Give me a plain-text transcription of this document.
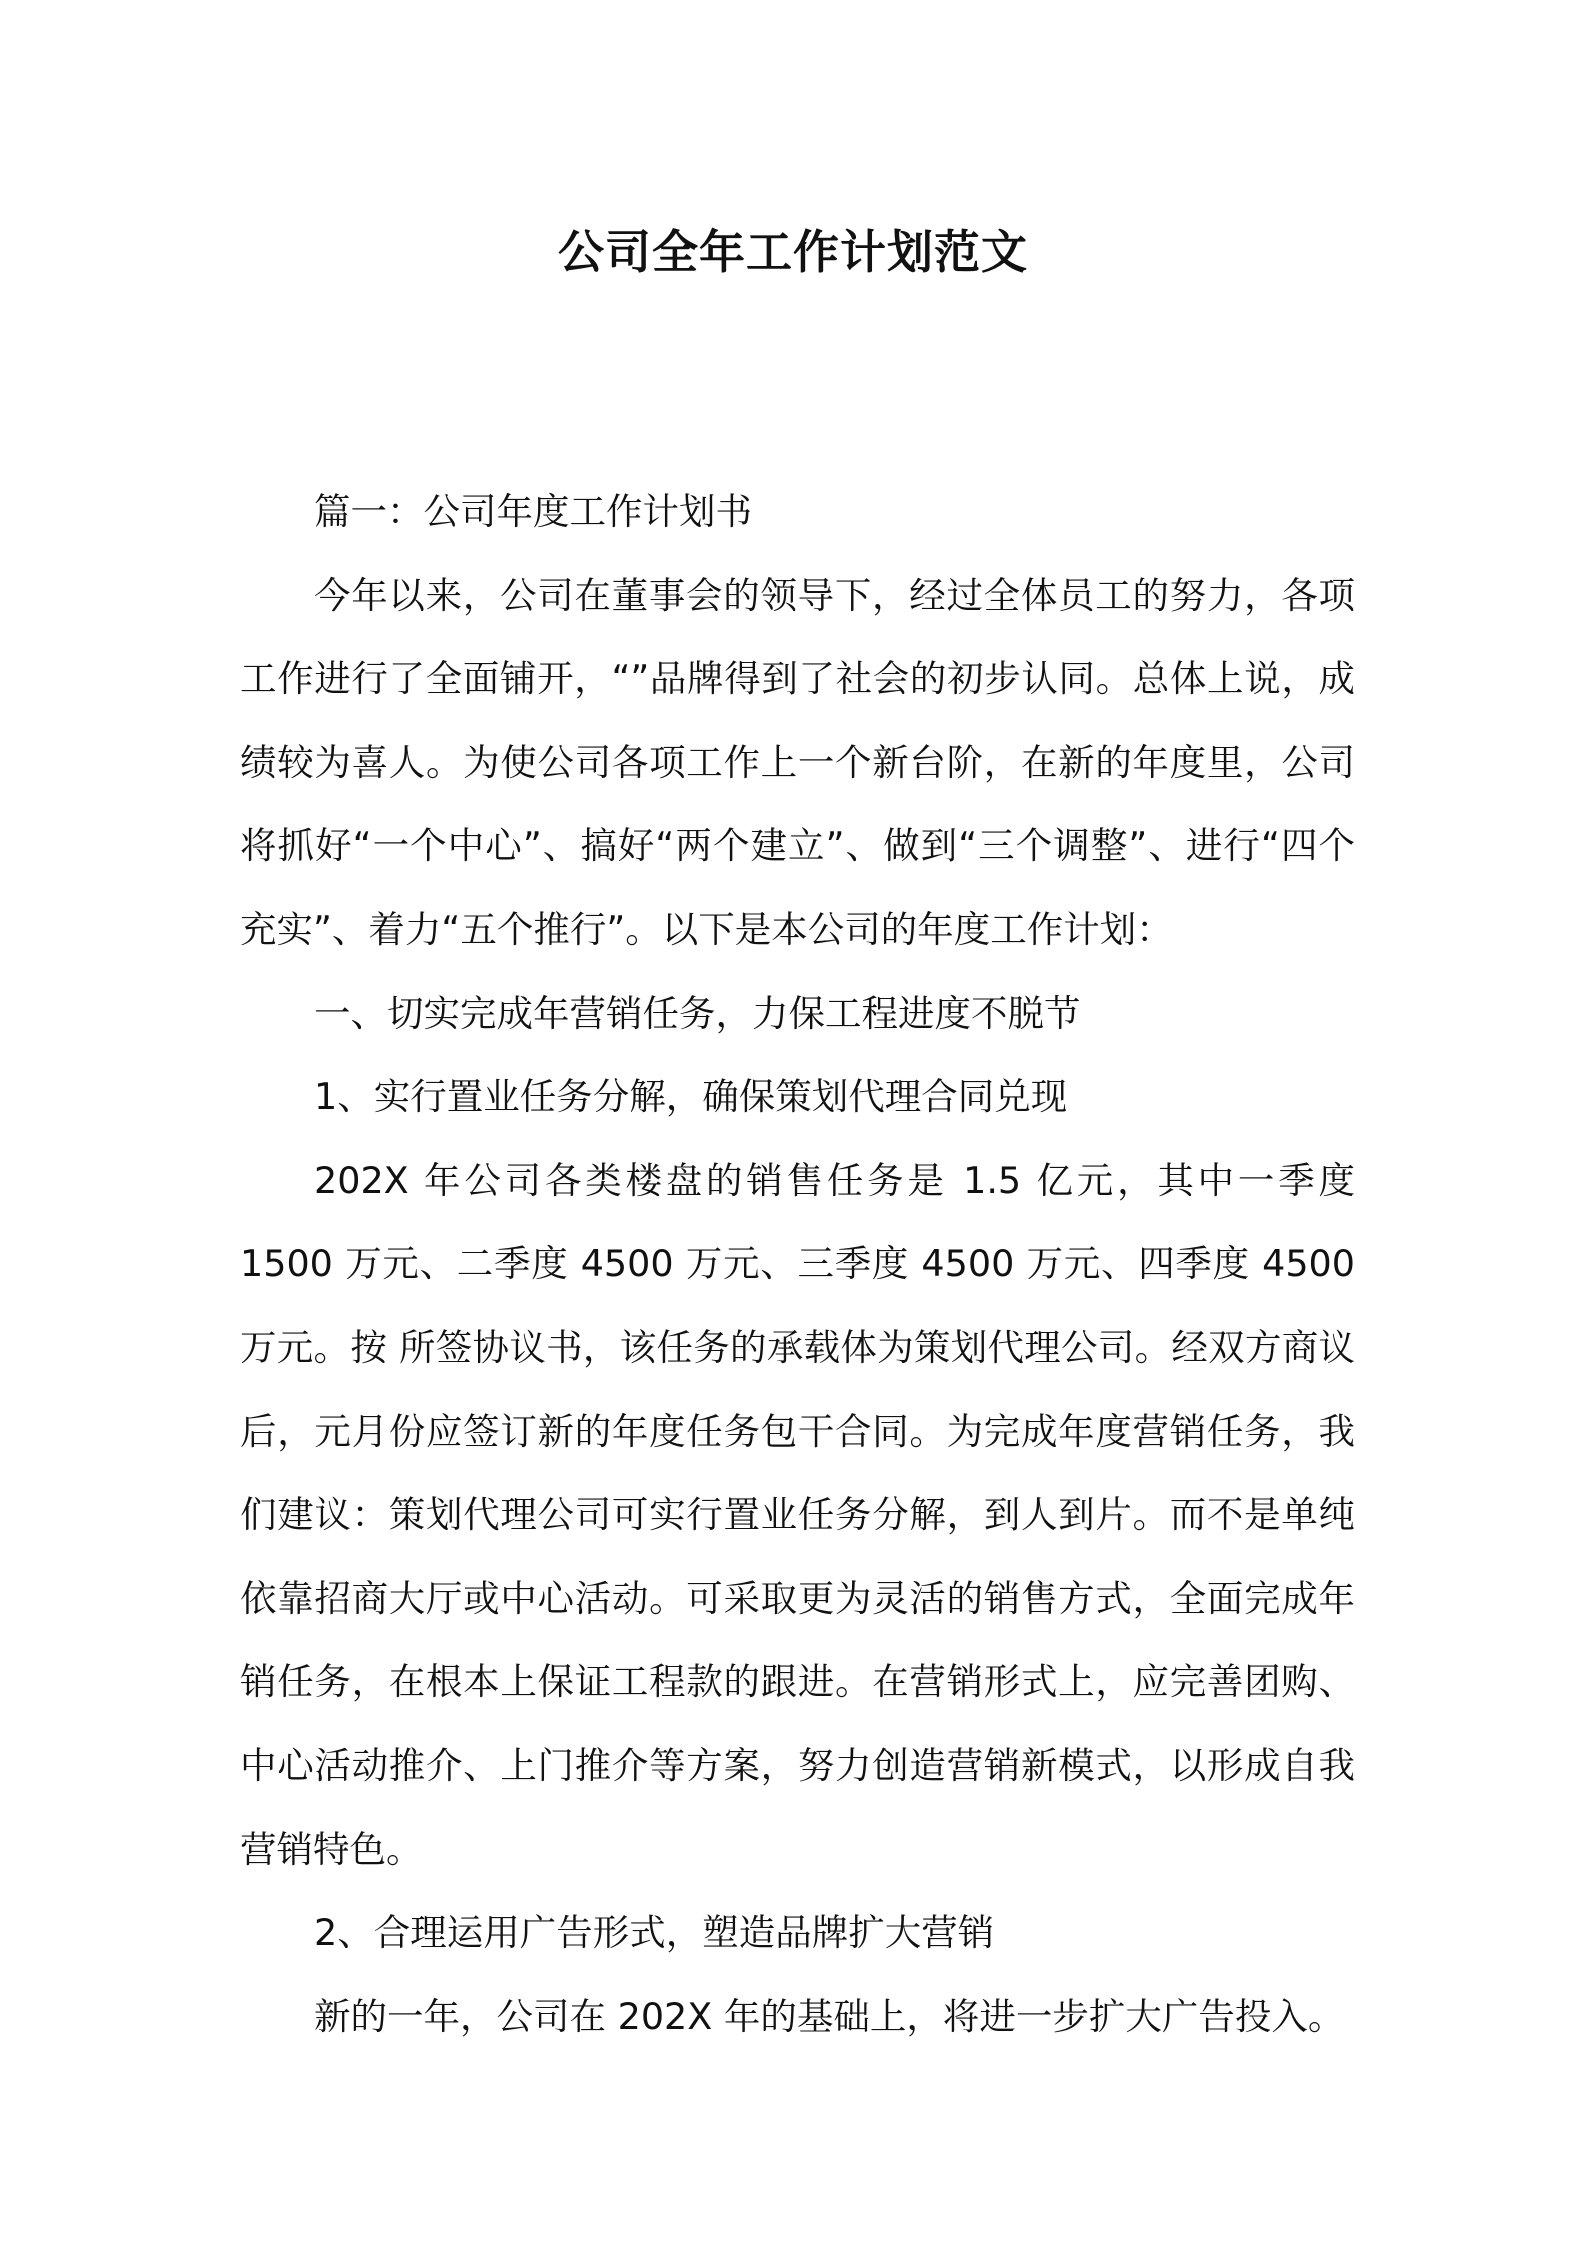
公司全年工作计划范文

篇一：公司年度工作计划书

今年以来，公司在董事会的领导下，经过全体员工的努力，各项工作进行了全面铺开，“”品牌得到了社会的初步认同。总体上说，成绩较为喜人。为使公司各项工作上一个新台阶，在新的年度里，公司将抓好“一个中心”、搞好“两个建立”、做到“三个调整”、进行“四个充实”、着力“五个推行”。以下是本公司的年度工作计划：

一、切实完成年营销任务，力保工程进度不脱节

1、实行置业任务分解，确保策划代理合同兑现

202X 年公司各类楼盘的销售任务是 1.5 亿元，其中一季度 1500 万元、二季度 4500 万元、三季度 4500 万元、四季度 4500 万元。按 所签协议书，该任务的承载体为策划代理公司。经双方商议后，元月份应签订新的年度任务包干合同。为完成年度营销任务，我们建议：策划代理公司可实行置业任务分解，到人到片。而不是单纯依靠招商大厅或中心活动。可采取更为灵活的销售方式，全面完成年销任务，在根本上保证工程款的跟进。在营销形式上，应完善团购、中心活动推介、上门推介等方案，努力创造营销新模式，以形成自我营销特色。

2、合理运用广告形式，塑造品牌扩大营销

新的一年，公司在 202X 年的基础上，将进一步扩大广告投入。
